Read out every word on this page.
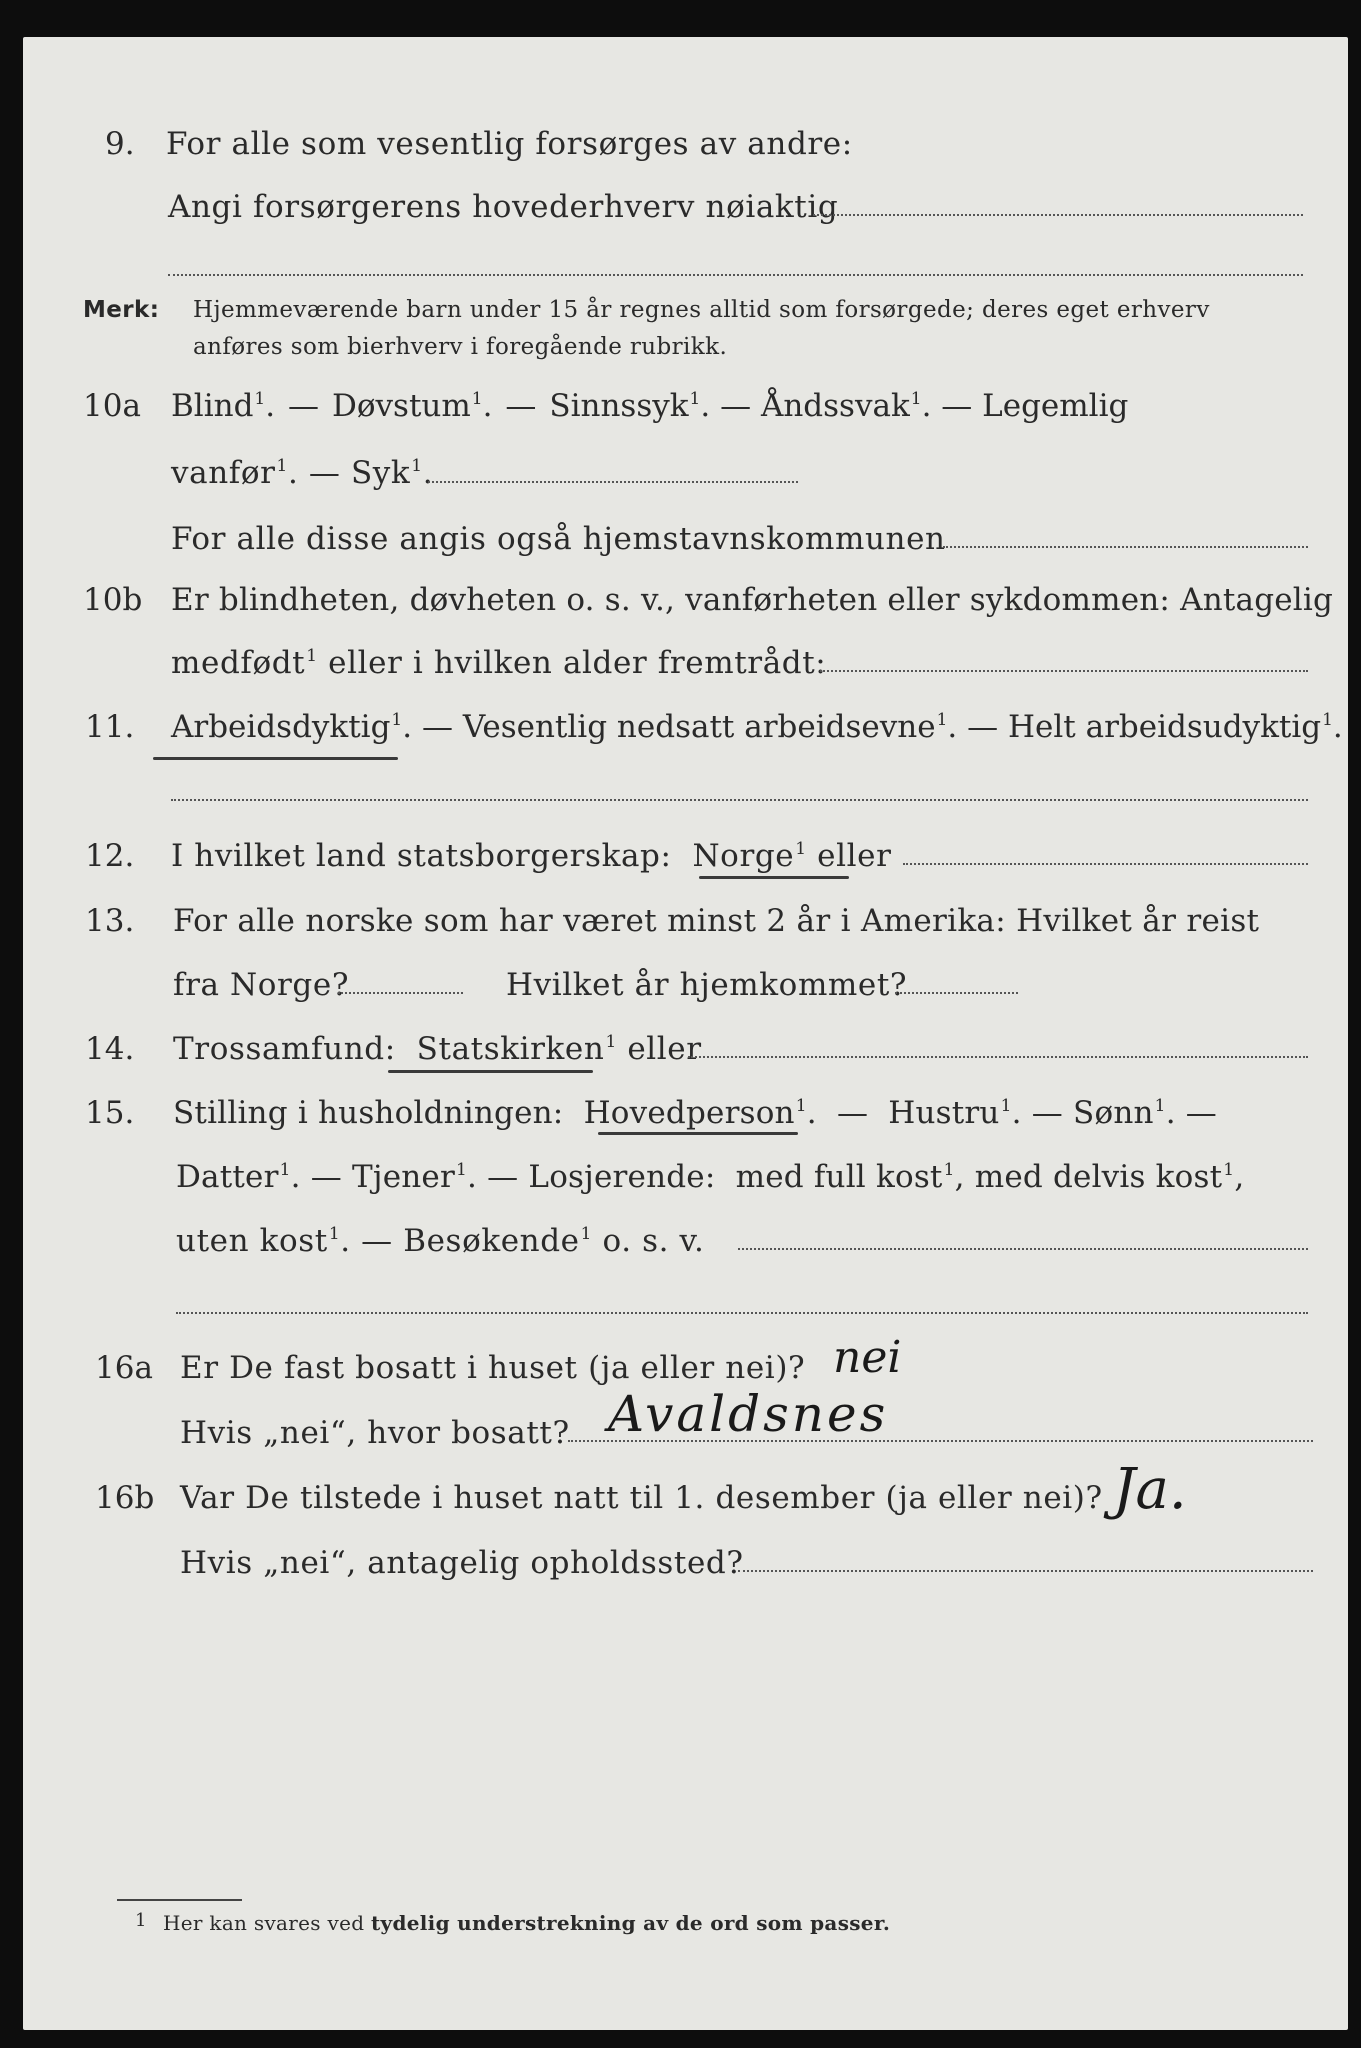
9. For alle som vesentlig forsørges av andre:
Angi forsørgerens hovederhverv nøiaktig
Merk: Hjemmeværende barn under 15 år regnes alltid som forsørgede; deres eget erhverv
anføres som bierhverv i foregående rubrikk.
10a Blind$^1$.  —  Døvstum$^1$.  —  Sinnssyk$^1$. — Åndssvak$^1$. — Legemlig
vanfør$^1$. — Syk$^1$.
For alle disse angis også hjemstavnskommunen
10b Er blindheten, døvheten o. s. v., vanførheten eller sykdommen: Antagelig
medfødt$^1$ eller i hvilken alder fremtrådt:
11. Arbeidsdyktig$^1$. — Vesentlig nedsatt arbeidsevne$^1$. — Helt arbeidsudyktig$^1$.
12. I hvilket land statsborgerskap: Norge$^1$ eller
13. For alle norske som har været minst 2 år i Amerika: Hvilket år reist
fra Norge?	Hvilket år hjemkommet?
14. Trossamfund: Statskirken$^1$ eller
15. Stilling i husholdningen: Hovedperson$^1$.  — Hustru$^1$. — Sønn$^1$. —
Datter$^1$. — Tjener$^1$. — Losjerende: med full kost$^1$, med delvis kost$^1$,
uten kost$^1$. — Besøkende$^1$ o. s. v.
16a Er De fast bosatt i huset (ja eller nei)? nei
Hvis „nei“, hvor bosatt? Avaldsnes
16b Var De tilstede i huset natt til 1. desember (ja eller nei)? Ja.
Hvis „nei“, antagelig opholdssted?
1 Her kan svares ved tydelig understrekning av de ord som passer.
